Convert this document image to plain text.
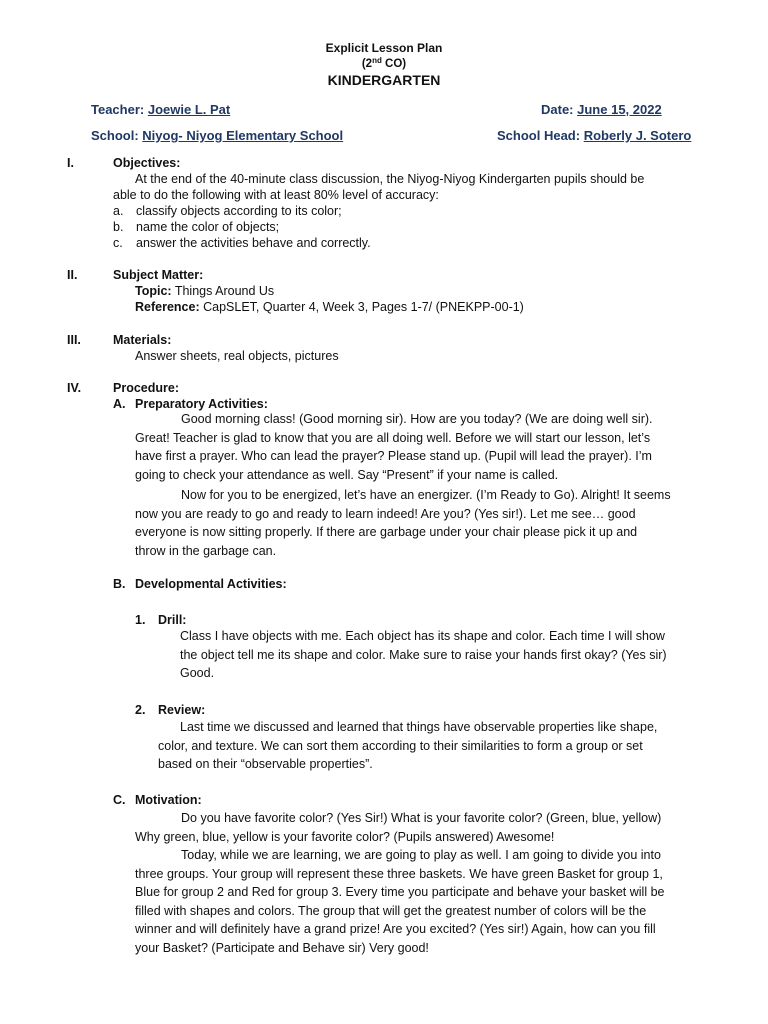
Explicit Lesson Plan
(2nd CO)
KINDERGARTEN
Teacher: Joewie L. Pat	Date: June 15, 2022
School: Niyog- Niyog Elementary School	School Head: Roberly J. Sotero
I.	Objectives:
At the end of the 40-minute class discussion, the Niyog-Niyog Kindergarten pupils should be
able to do the following with at least 80% level of accuracy:
a. classify objects according to its color;
b. name the color of objects;
c. answer the activities behave and correctly.
II.	Subject Matter:
Topic: Things Around Us
Reference: CapSLET, Quarter 4, Week 3, Pages 1-7/ (PNEKPP-00-1)
III.	Materials:
Answer sheets, real objects, pictures
IV.	Procedure:
A. Preparatory Activities:
Good morning class! (Good morning sir). How are you today? (We are doing well sir).
Great! Teacher is glad to know that you are all doing well. Before we will start our lesson, let’s
have first a prayer. Who can lead the prayer? Please stand up. (Pupil will lead the prayer). I’m
going to check your attendance as well. Say “Present” if your name is called.
Now for you to be energized, let’s have an energizer. (I’m Ready to Go). Alright! It seems
now you are ready to go and ready to learn indeed! Are you? (Yes sir!). Let me see… good
everyone is now sitting properly. If there are garbage under your chair please pick it up and
throw in the garbage can.
B. Developmental Activities:
1. Drill:
Class I have objects with me. Each object has its shape and color. Each time I will show
the object tell me its shape and color. Make sure to raise your hands first okay? (Yes sir)
Good.
2. Review:
Last time we discussed and learned that things have observable properties like shape,
color, and texture. We can sort them according to their similarities to form a group or set
based on their “observable properties”.
C. Motivation:
Do you have favorite color? (Yes Sir!) What is your favorite color? (Green, blue, yellow)
Why green, blue, yellow is your favorite color? (Pupils answered) Awesome!
Today, while we are learning, we are going to play as well. I am going to divide you into
three groups. Your group will represent these three baskets. We have green Basket for group 1,
Blue for group 2 and Red for group 3. Every time you participate and behave your basket will be
filled with shapes and colors. The group that will get the greatest number of colors will be the
winner and will definitely have a grand prize! Are you excited? (Yes sir!) Again, how can you fill
your Basket? (Participate and Behave sir) Very good!
